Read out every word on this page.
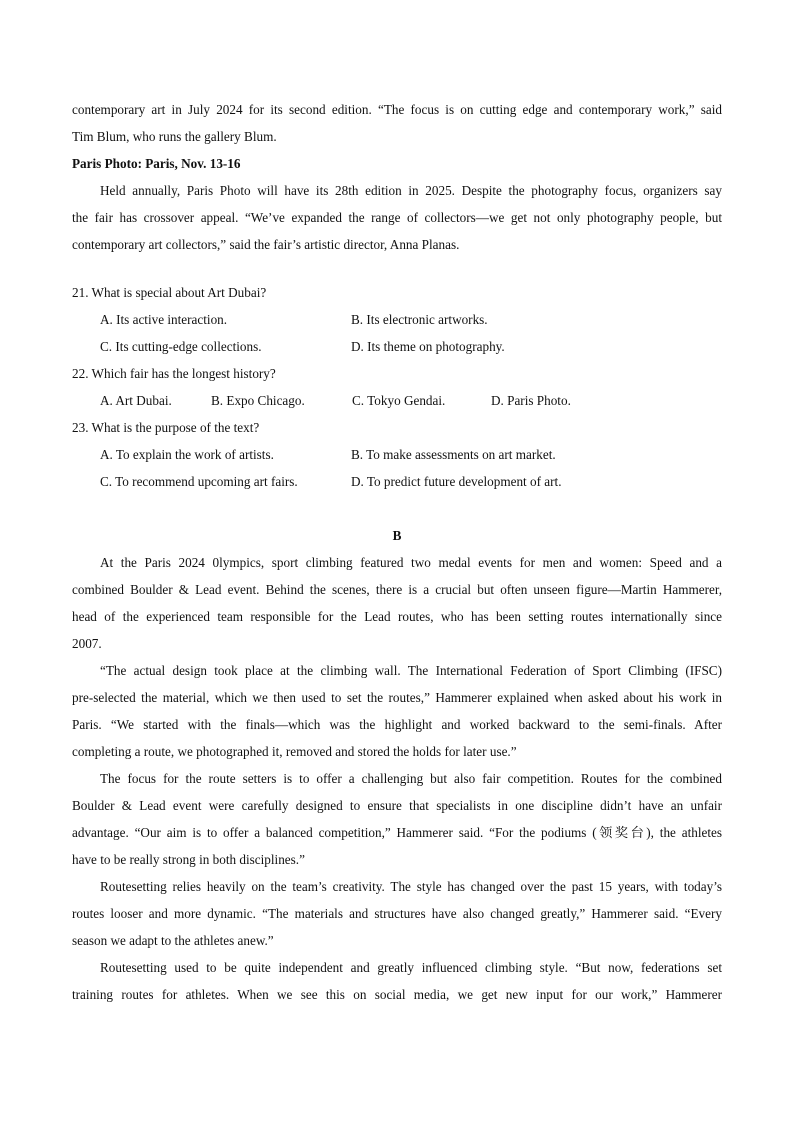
contemporary art in July 2024 for its second edition. “The focus is on cutting edge and contemporary work,” said
Tim Blum, who runs the gallery Blum.
Paris Photo: Paris, Nov. 13-16
Held annually, Paris Photo will have its 28th edition in 2025. Despite the photography focus, organizers say
the fair has crossover appeal. “We’ve expanded the range of collectors—we get not only photography people, but
contemporary art collectors,” said the fair’s artistic director, Anna Planas.
21. What is special about Art Dubai?
A. Its active interaction.	B. Its electronic artworks.
C. Its cutting-edge collections.	D. Its theme on photography.
22. Which fair has the longest history?
A. Art Dubai.	B. Expo Chicago.	C. Tokyo Gendai.	D. Paris Photo.
23. What is the purpose of the text?
A. To explain the work of artists.	B. To make assessments on art market.
C. To recommend upcoming art fairs.	D. To predict future development of art.
B
At the Paris 2024 0lympics, sport climbing featured two medal events for men and women: Speed and a
combined Boulder & Lead event. Behind the scenes, there is a crucial but often unseen figure—Martin Hammerer,
head of the experienced team responsible for the Lead routes, who has been setting routes internationally since
2007.
“The actual design took place at the climbing wall. The International Federation of Sport Climbing (IFSC)
pre-selected the material, which we then used to set the routes,” Hammerer explained when asked about his work in
Paris. “We started with the finals—which was the highlight and worked backward to the semi-finals. After
completing a route, we photographed it, removed and stored the holds for later use.”
The focus for the route setters is to offer a challenging but also fair competition. Routes for the combined
Boulder & Lead event were carefully designed to ensure that specialists in one discipline didn’t have an unfair
advantage. “Our aim is to offer a balanced competition,” Hammerer said. “For the podiums (领奖台), the athletes
have to be really strong in both disciplines.”
Routesetting relies heavily on the team’s creativity. The style has changed over the past 15 years, with today’s
routes looser and more dynamic. “The materials and structures have also changed greatly,” Hammerer said. “Every
season we adapt to the athletes anew.”
Routesetting used to be quite independent and greatly influenced climbing style. “But now, federations set
training routes for athletes. When we see this on social media, we get new input for our work,” Hammerer
